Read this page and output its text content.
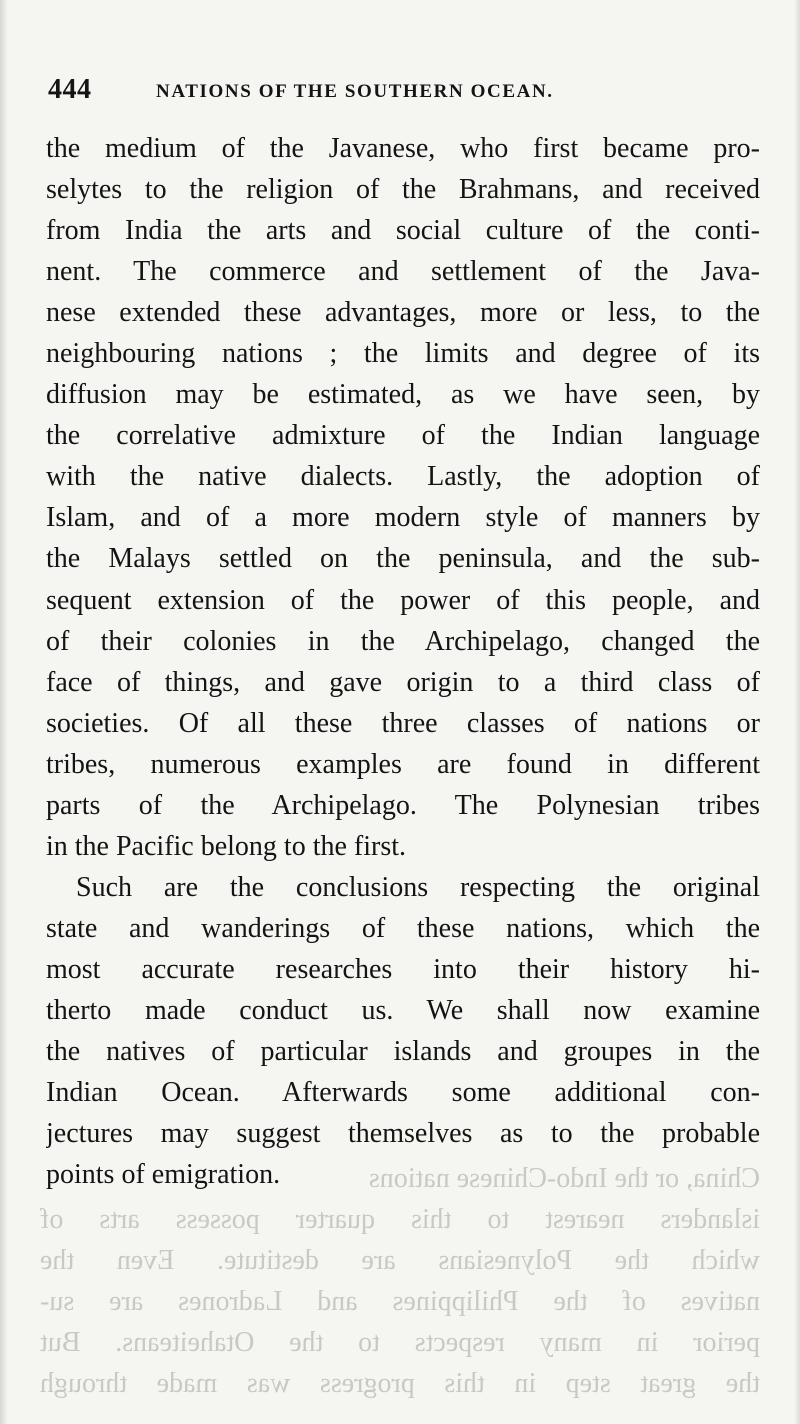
444	NATIONS OF THE SOUTHERN OCEAN.
China, or the Indo-Chinese nations
islanders nearest to this quarter possess arts of
which the Polynesians are destitute. Even the
natives of the Philippines and Ladrones are su-
perior in many respects to the Otaheiteans. But
the great step in this progress was made through
the medium of the Javanese, who first became pro-
selytes to the religion of the Brahmans, and received
from India the arts and social culture of the conti-
nent. The commerce and settlement of the Java-
nese extended these advantages, more or less, to the
neighbouring nations ; the limits and degree of its
diffusion may be estimated, as we have seen, by
the correlative admixture of the Indian language
with the native dialects. Lastly, the adoption of
Islam, and of a more modern style of manners by
the Malays settled on the peninsula, and the sub-
sequent extension of the power of this people, and
of their colonies in the Archipelago, changed the
face of things, and gave origin to a third class of
societies. Of all these three classes of nations or
tribes, numerous examples are found in different
parts of the Archipelago. The Polynesian tribes
in the Pacific belong to the first.
Such are the conclusions respecting the original
state and wanderings of these nations, which the
most accurate researches into their history hi-
therto made conduct us. We shall now examine
the natives of particular islands and groupes in the
Indian Ocean. Afterwards some additional con-
jectures may suggest themselves as to the probable
points of emigration.
